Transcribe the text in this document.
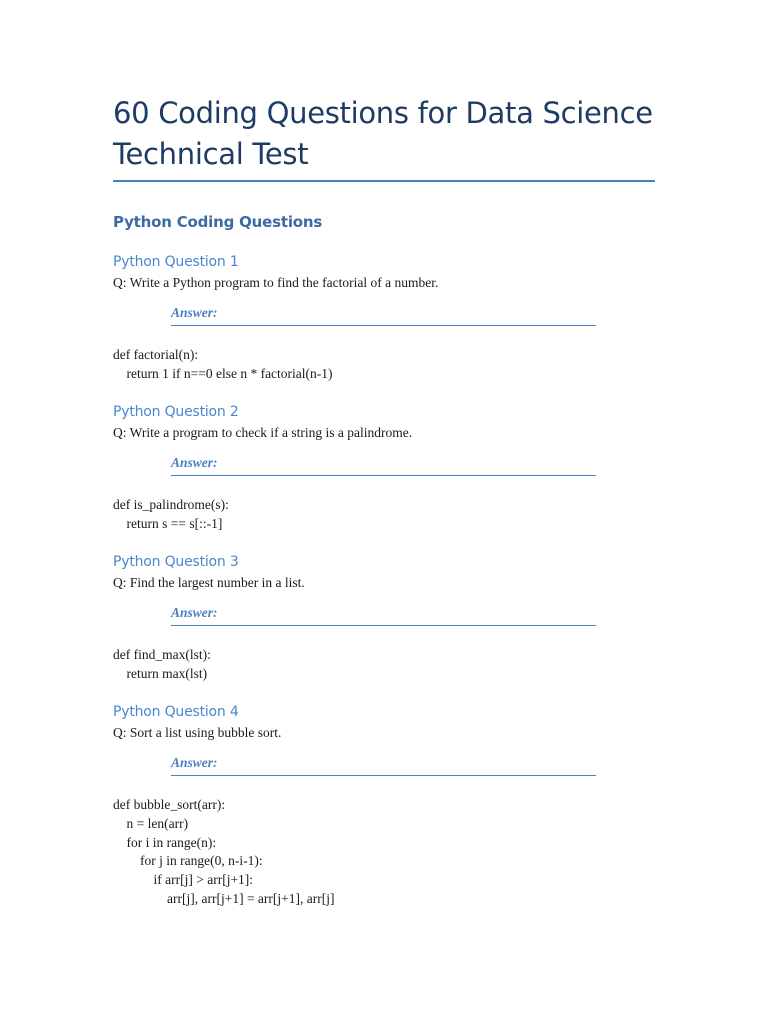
60 Coding Questions for Data Science Technical Test
Python Coding Questions
Python Question 1
Q: Write a Python program to find the factorial of a number.
Answer:
def factorial(n):
return 1 if n==0 else n * factorial(n-1)
Python Question 2
Q: Write a program to check if a string is a palindrome.
Answer:
def is_palindrome(s):
return s == s[::-1]
Python Question 3
Q: Find the largest number in a list.
Answer:
def find_max(lst):
return max(lst)
Python Question 4
Q: Sort a list using bubble sort.
Answer:
def bubble_sort(arr):
n = len(arr)
for i in range(n):
for j in range(0, n-i-1):
if arr[j] > arr[j+1]:
arr[j], arr[j+1] = arr[j+1], arr[j]
